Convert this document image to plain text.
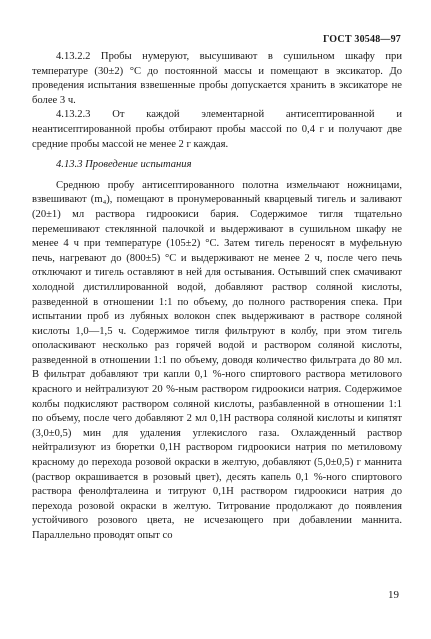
ГОСТ 30548—97

4.13.2.2 Пробы нумеруют, высушивают в сушильном шкафу при температуре (30±2) °С до постоянной массы и помещают в эксикатор. До проведения испытания взвешенные пробы допускается хранить в эксикаторе не более 3 ч.

4.13.2.3 От каждой элементарной антисептированной и неантисептированной пробы отбирают пробы массой по 0,4 г и получают две средние пробы массой не менее 2 г каждая.

4.13.3 Проведение испытания

Среднюю пробу антисептированного полотна измельчают ножницами, взвешивают (m₄), помещают в пронумерованный кварцевый тигель и заливают (20±1) мл раствора гидроокиси бария. Содержимое тигля тщательно перемешивают стеклянной палочкой и выдерживают в сушильном шкафу не менее 4 ч при температуре (105±2) °С. Затем тигель переносят в муфельную печь, нагревают до (800±5) °С и выдерживают не менее 2 ч, после чего печь отключают и тигель оставляют в ней для остывания. Остывший спек смачивают холодной дистиллированной водой, добавляют раствор соляной кислоты, разведенной в отношении 1:1 по объему, до полного растворения спека. При испытании проб из лубяных волокон спек выдерживают в растворе соляной кислоты 1,0—1,5 ч. Содержимое тигля фильтруют в колбу, при этом тигель ополаскивают несколько раз горячей водой и раствором соляной кислоты, разведенной в отношении 1:1 по объему, доводя количество фильтрата до 80 мл. В фильтрат добавляют три капли 0,1 %-ного спиртового раствора метилового красного и нейтрализуют 20 %-ным раствором гидроокиси натрия. Содержимое колбы подкисляют раствором соляной кислоты, разбавленной в отношении 1:1 по объему, после чего добавляют 2 мл 0,1Н раствора соляной кислоты и кипятят (3,0±0,5) мин для удаления углекислого газа. Охлажденный раствор нейтрализуют из бюретки 0,1Н раствором гидроокиси натрия по метиловому красному до перехода розовой окраски в желтую, добавляют (5,0±0,5) г маннита (раствор окрашивается в розовый цвет), десять капель 0,1 %-ного спиртового раствора фенолфталеина и титруют 0,1Н раствором гидроокиси натрия до перехода розовой окраски в желтую. Титрование продолжают до появления устойчивого розового цвета, не исчезающего при добавлении маннита. Параллельно проводят опыт со

19
